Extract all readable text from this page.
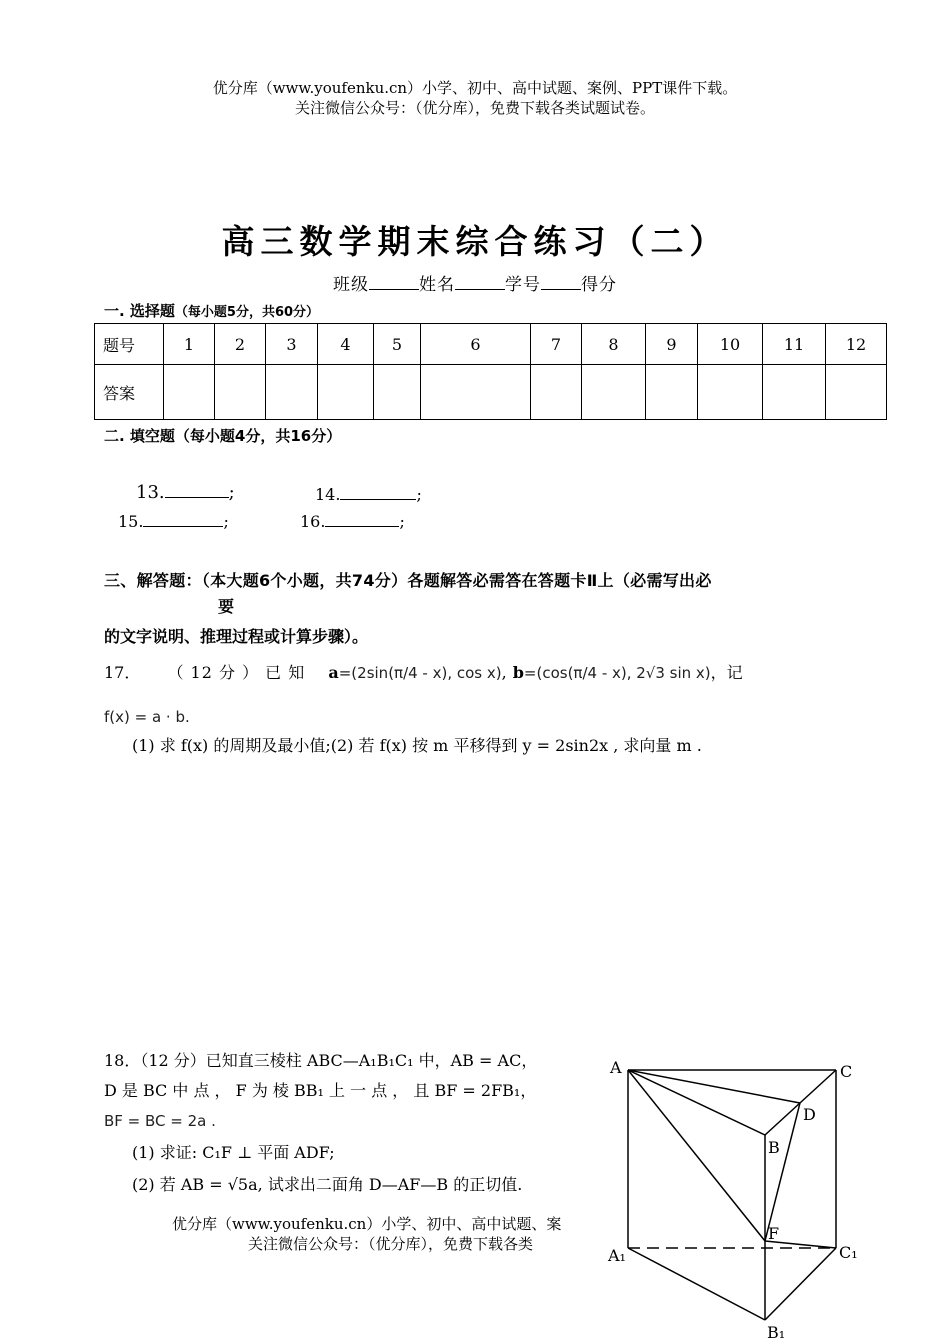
优分库（www.youfenku.cn）小学、初中、高中试题、案例、PPT课件下载。
关注微信公众号：（优分库），免费下载各类试题试卷。
高三数学期末综合练习（二）
班级	姓名	学号 得分
一. 选择题（每小题5分，共60分）
题号	1	2	3	4	5	6	7	8	9	10	11	12
答案												
二. 填空题（每小题4分，共16分）
13.	;	14.	;
15.	;	16.	;
三、解答题：（本大题6个小题，共74分）各题解答必需答在答题卡Ⅱ上（必需写出必
要
的文字说明、推理过程或计算步骤）。
17． （ 12 分 ） 已 知 a=(2sin(π/4 - x), cos x), b=(cos(π/4 - x), 2√3 sin x)，记
f(x) = a · b.
(1) 求 f(x) 的周期及最小值;(2) 若 f(x) 按 m 平移得到 y = 2sin2x , 求向量 m .
18．（12 分）已知直三棱柱 ABC—A₁B₁C₁ 中，AB = AC，
D 是 BC 中 点 ， F 为 棱 BB₁ 上 一 点 ， 且 BF = 2FB₁，
BF = BC = 2a .
(1) 求证: C₁F ⊥ 平面 ADF;
(2) 若 AB = √5a, 试求出二面角 D—AF—B 的正切值.
优分库（www.youfenku.cn）小学、初中、高中试题、案
关注微信公众号：（优分库），免费下载各类
A	C
D
B
F
A₁	C₁
B₁
